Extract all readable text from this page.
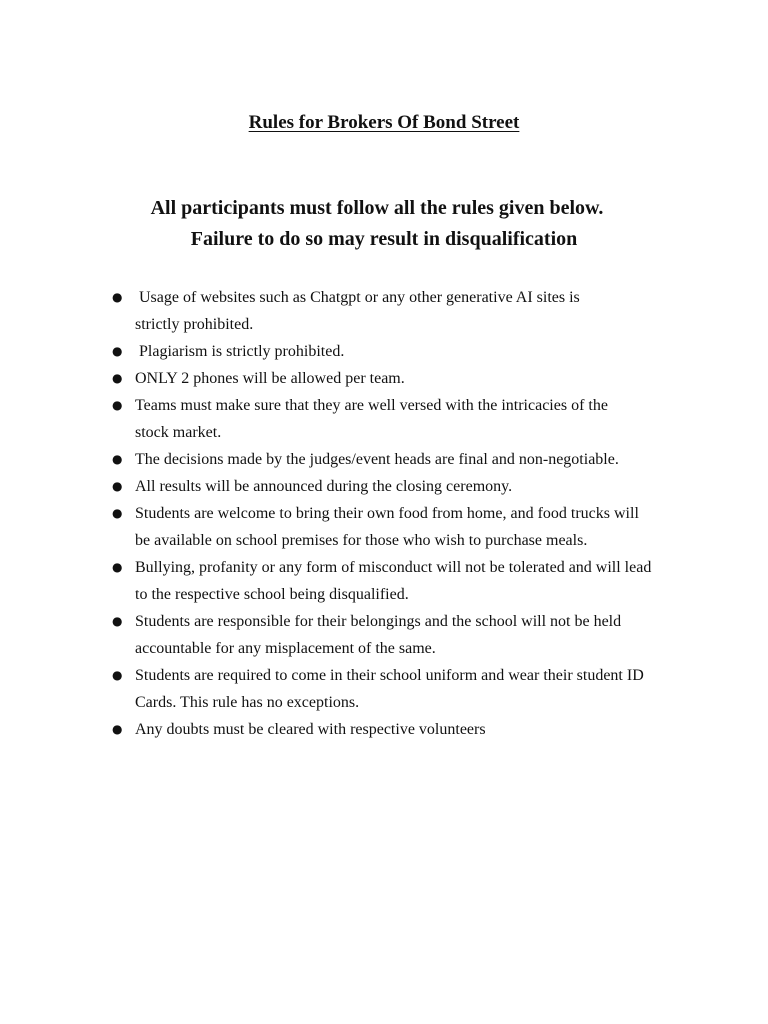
Rules for Brokers Of Bond Street

All participants must follow all the rules given below.
Failure to do so may result in disqualification

● Usage of websites such as Chatgpt or any other generative AI sites is
strictly prohibited.
● Plagiarism is strictly prohibited.
● ONLY 2 phones will be allowed per team.
● Teams must make sure that they are well versed with the intricacies of the
stock market.
● The decisions made by the judges/event heads are final and non-negotiable.
● All results will be announced during the closing ceremony.
● Students are welcome to bring their own food from home, and food trucks will
be available on school premises for those who wish to purchase meals.
● Bullying, profanity or any form of misconduct will not be tolerated and will lead
to the respective school being disqualified.
● Students are responsible for their belongings and the school will not be held
accountable for any misplacement of the same.
● Students are required to come in their school uniform and wear their student ID
Cards. This rule has no exceptions.
● Any doubts must be cleared with respective volunteers
